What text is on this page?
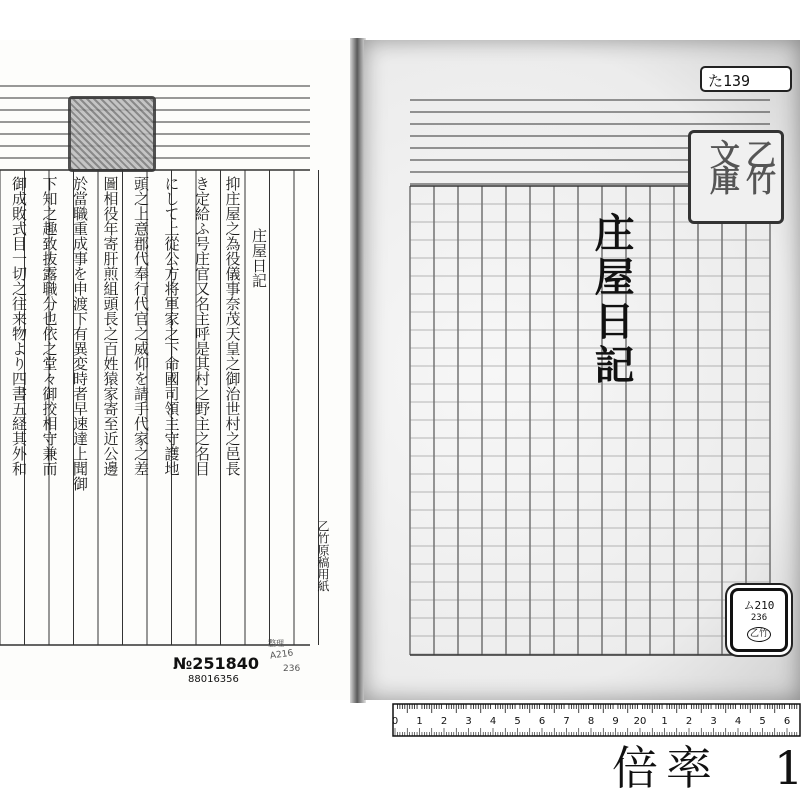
庄屋日記
御成敗式目一切之往来物より四書五経其外和 下知之趣致抜露職分也依之堂々御挍相守兼而 於當職重成事を申渡下有異変時者早速達上聞御 圖相役年寄肝煎組頭長之百姓猿家寄至近公邊 頭之上意郡代奉行代官之威仰を請手代家之差 にして上從公方将軍家之下命國司領主守護地 き定給ふ号庄官又名主呼是其村之野主之名目 抑庄屋之為役儀事奈茂天皇之御治世村之邑長
乙竹原稿用紙
№251840
88016356
A216
236
整理
庄屋日記
た139
乙竹文庫
ム210
236
乙竹
0 1 2 3 4 5 6 7 8 9 20 1 2 3 4 5 6
倍率　1
